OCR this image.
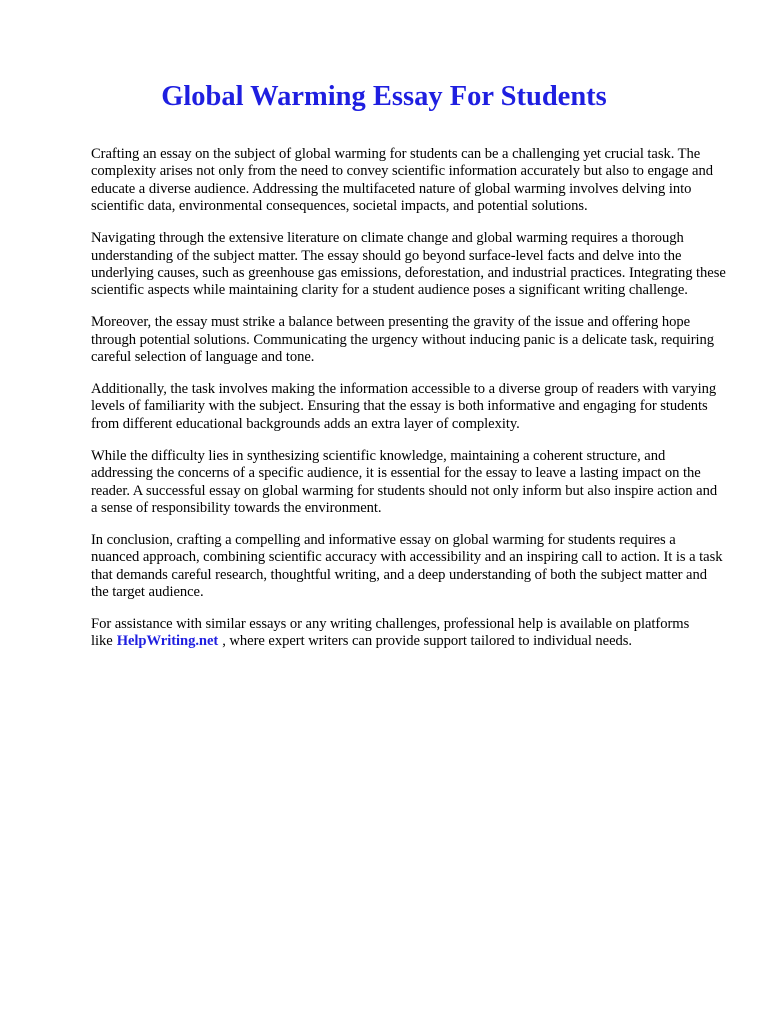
Global Warming Essay For Students

Crafting an essay on the subject of global warming for students can be a challenging yet crucial task. The complexity arises not only from the need to convey scientific information accurately but also to engage and educate a diverse audience. Addressing the multifaceted nature of global warming involves delving into scientific data, environmental consequences, societal impacts, and potential solutions.

Navigating through the extensive literature on climate change and global warming requires a thorough understanding of the subject matter. The essay should go beyond surface-level facts and delve into the underlying causes, such as greenhouse gas emissions, deforestation, and industrial practices. Integrating these scientific aspects while maintaining clarity for a student audience poses a significant writing challenge.

Moreover, the essay must strike a balance between presenting the gravity of the issue and offering hope through potential solutions. Communicating the urgency without inducing panic is a delicate task, requiring careful selection of language and tone.

Additionally, the task involves making the information accessible to a diverse group of readers with varying levels of familiarity with the subject. Ensuring that the essay is both informative and engaging for students from different educational backgrounds adds an extra layer of complexity.

While the difficulty lies in synthesizing scientific knowledge, maintaining a coherent structure, and addressing the concerns of a specific audience, it is essential for the essay to leave a lasting impact on the reader. A successful essay on global warming for students should not only inform but also inspire action and a sense of responsibility towards the environment.

In conclusion, crafting a compelling and informative essay on global warming for students requires a nuanced approach, combining scientific accuracy with accessibility and an inspiring call to action. It is a task that demands careful research, thoughtful writing, and a deep understanding of both the subject matter and the target audience.

For assistance with similar essays or any writing challenges, professional help is available on platforms like HelpWriting.net , where expert writers can provide support tailored to individual needs.
